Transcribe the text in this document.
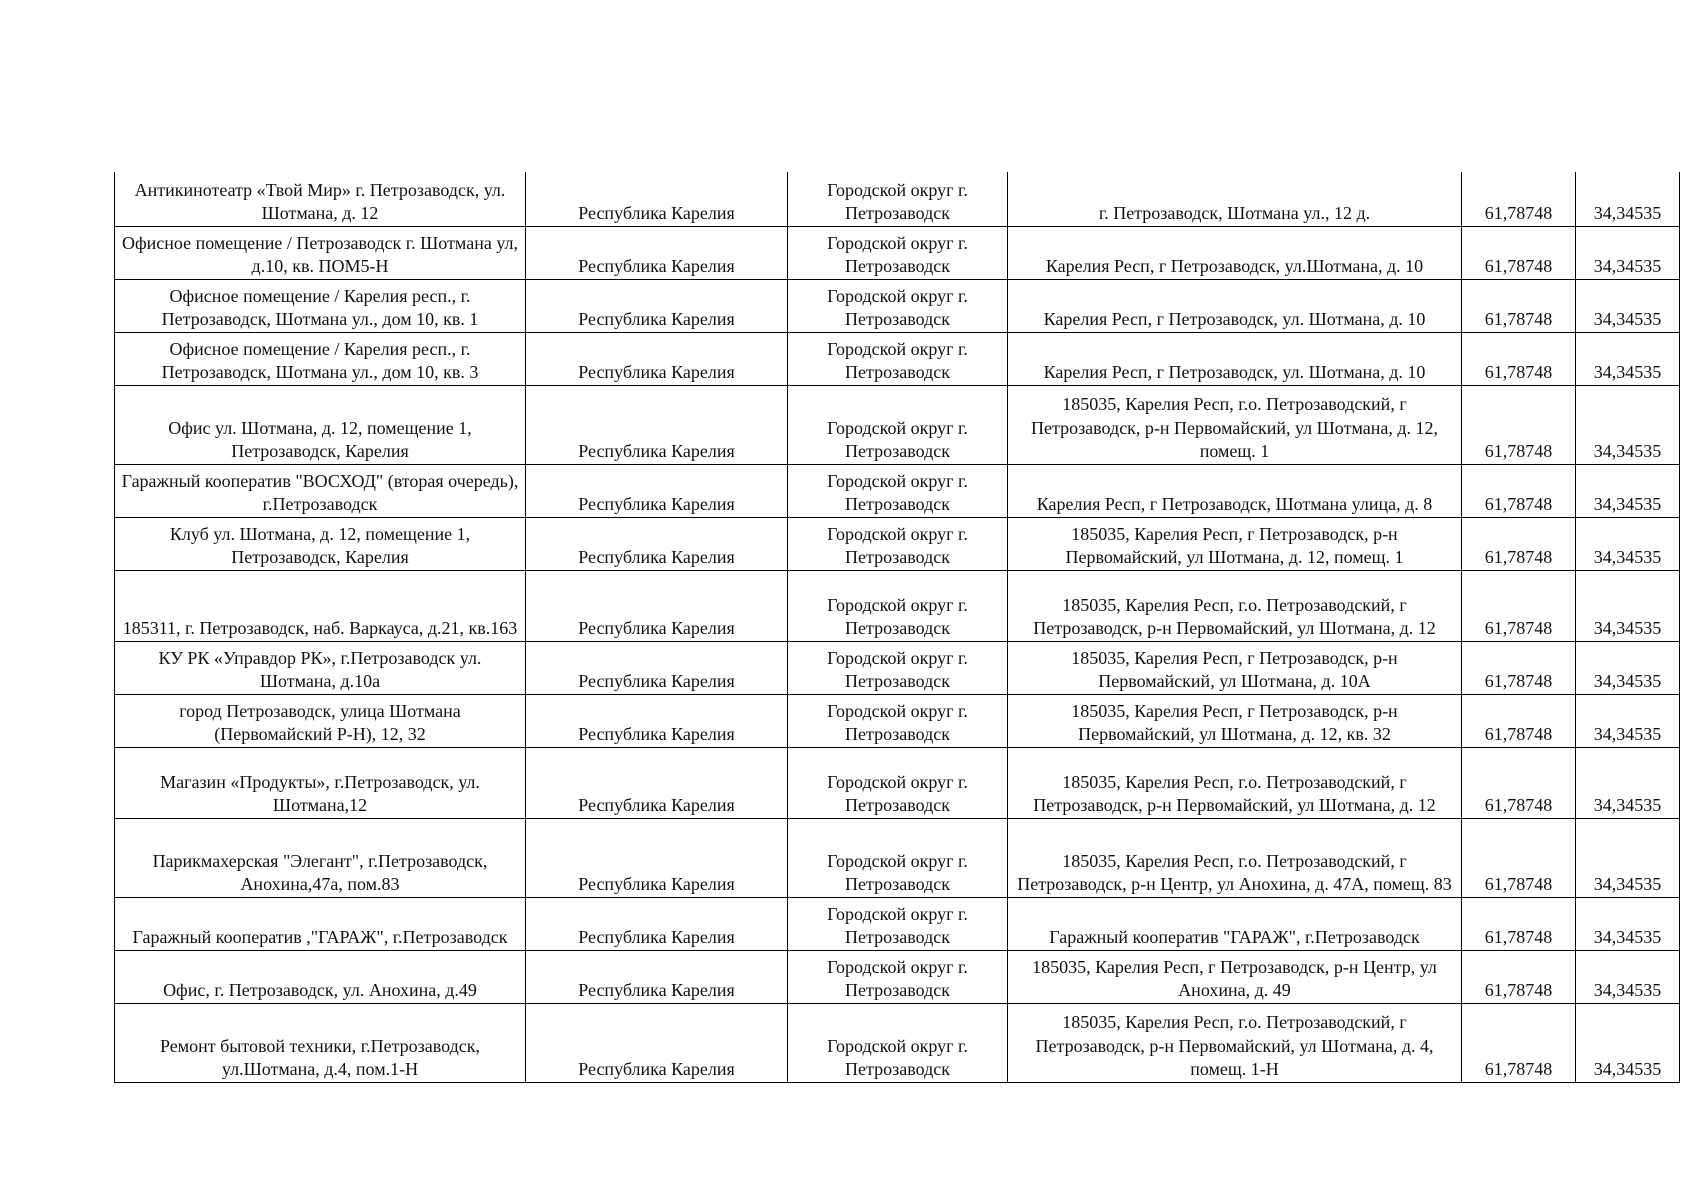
Антикинотеатр «Твой Мир» г. Петрозаводск, ул. Шотмана, д. 12	Республика Карелия	Городской округ г. Петрозаводск	г. Петрозаводск, Шотмана ул., 12 д.	61,78748	34,34535
Офисное помещение / Петрозаводск г. Шотмана ул, д.10, кв. ПОМ5-Н	Республика Карелия	Городской округ г. Петрозаводск	Карелия Респ, г Петрозаводск, ул.Шотмана, д. 10	61,78748	34,34535
Офисное помещение / Карелия респ., г. Петрозаводск, Шотмана ул., дом 10, кв. 1	Республика Карелия	Городской округ г. Петрозаводск	Карелия Респ, г Петрозаводск, ул. Шотмана, д. 10	61,78748	34,34535
Офисное помещение / Карелия респ., г. Петрозаводск, Шотмана ул., дом 10, кв. 3	Республика Карелия	Городской округ г. Петрозаводск	Карелия Респ, г Петрозаводск, ул. Шотмана, д. 10	61,78748	34,34535
Офис ул. Шотмана, д. 12, помещение 1, Петрозаводск, Карелия	Республика Карелия	Городской округ г. Петрозаводск	185035, Карелия Респ, г.о. Петрозаводский, г Петрозаводск, р-н Первомайский, ул Шотмана, д. 12, помещ. 1	61,78748	34,34535
Гаражный кооператив "ВОСХОД" (вторая очередь), г.Петрозаводск	Республика Карелия	Городской округ г. Петрозаводск	Карелия Респ, г Петрозаводск, Шотмана улица, д. 8	61,78748	34,34535
Клуб ул. Шотмана, д. 12, помещение 1, Петрозаводск, Карелия	Республика Карелия	Городской округ г. Петрозаводск	185035, Карелия Респ, г Петрозаводск, р-н Первомайский, ул Шотмана, д. 12, помещ. 1	61,78748	34,34535
185311, г. Петрозаводск, наб. Варкауса, д.21, кв.163	Республика Карелия	Городской округ г. Петрозаводск	185035, Карелия Респ, г.о. Петрозаводский, г Петрозаводск, р-н Первомайский, ул Шотмана, д. 12	61,78748	34,34535
КУ РК «Управдор РК», г.Петрозаводск ул. Шотмана, д.10а	Республика Карелия	Городской округ г. Петрозаводск	185035, Карелия Респ, г Петрозаводск, р-н Первомайский, ул Шотмана, д. 10А	61,78748	34,34535
город Петрозаводск, улица Шотмана (Первомайский Р-Н), 12, 32	Республика Карелия	Городской округ г. Петрозаводск	185035, Карелия Респ, г Петрозаводск, р-н Первомайский, ул Шотмана, д. 12, кв. 32	61,78748	34,34535
Магазин «Продукты», г.Петрозаводск, ул. Шотмана,12	Республика Карелия	Городской округ г. Петрозаводск	185035, Карелия Респ, г.о. Петрозаводский, г Петрозаводск, р-н Первомайский, ул Шотмана, д. 12	61,78748	34,34535
Парикмахерская "Элегант", г.Петрозаводск, Анохина,47а, пом.83	Республика Карелия	Городской округ г. Петрозаводск	185035, Карелия Респ, г.о. Петрозаводский, г Петрозаводск, р-н Центр, ул Анохина, д. 47А, помещ. 83	61,78748	34,34535
Гаражный кооператив ,"ГАРАЖ", г.Петрозаводск	Республика Карелия	Городской округ г. Петрозаводск	Гаражный кооператив "ГАРАЖ", г.Петрозаводск	61,78748	34,34535
Офис, г. Петрозаводск, ул. Анохина, д.49	Республика Карелия	Городской округ г. Петрозаводск	185035, Карелия Респ, г Петрозаводск, р-н Центр, ул Анохина, д. 49	61,78748	34,34535
Ремонт бытовой техники, г.Петрозаводск, ул.Шотмана, д.4, пом.1-Н	Республика Карелия	Городской округ г. Петрозаводск	185035, Карелия Респ, г.о. Петрозаводский, г Петрозаводск, р-н Первомайский, ул Шотмана, д. 4, помещ. 1-Н	61,78748	34,34535
